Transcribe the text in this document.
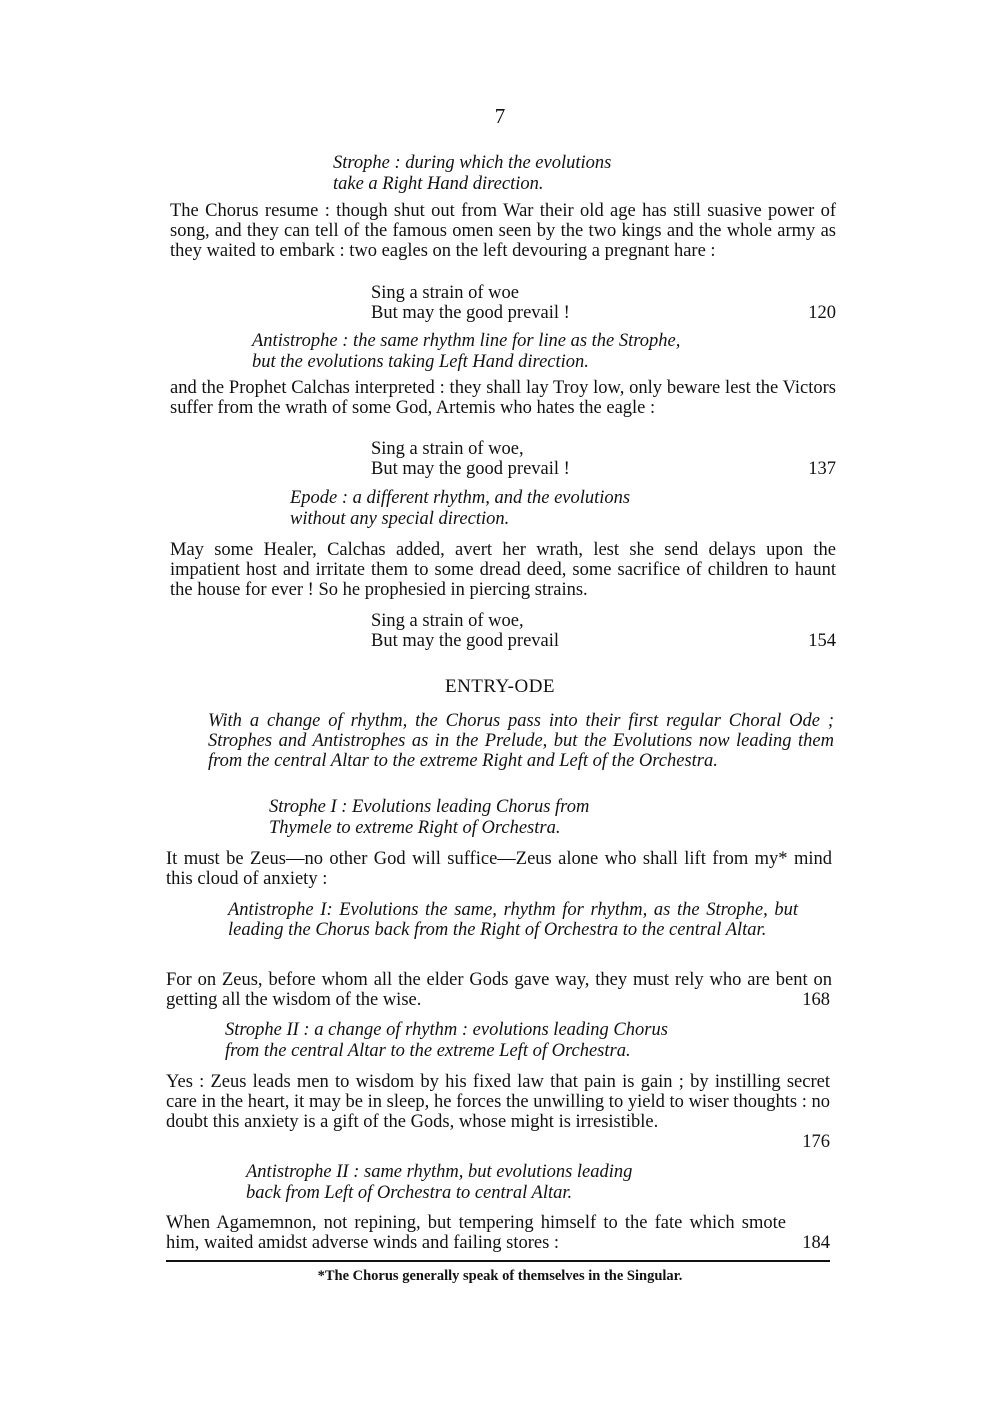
7
Strophe : during which the evolutions
take a Right Hand direction.
The Chorus resume : though shut out from War their old age has still suasive power of song, and they can tell of the famous omen seen by the two kings and the whole army as they waited to embark : two eagles on the left devouring a pregnant hare :
Sing a strain of woe
But may the good prevail !	120
Antistrophe : the same rhythm line for line as the Strophe,
but the evolutions taking Left Hand direction.
and the Prophet Calchas interpreted : they shall lay Troy low, only beware lest the Victors suffer from the wrath of some God, Artemis who hates the eagle :
Sing a strain of woe,
But may the good prevail !	137
Epode : a different rhythm, and the evolutions
without any special direction.
May some Healer, Calchas added, avert her wrath, lest she send delays upon the impatient host and irritate them to some dread deed, some sacrifice of children to haunt the house for ever ! So he prophesied in piercing strains.
Sing a strain of woe,
But may the good prevail	154
ENTRY-ODE
With a change of rhythm, the Chorus pass into their first regular Choral Ode ; Strophes and Antistrophes as in the Prelude, but the Evolutions now leading them from the central Altar to the extreme Right and Left of the Orchestra.
Strophe I : Evolutions leading Chorus from
Thymele to extreme Right of Orchestra.
It must be Zeus—no other God will suffice—Zeus alone who shall lift from my* mind this cloud of anxiety :
Antistrophe I: Evolutions the same, rhythm for rhythm, as the Strophe, but leading the Chorus back from the Right of Orchestra to the central Altar.
For on Zeus, before whom all the elder Gods gave way, they must rely who are bent on getting all the wisdom of the wise.	168
Strophe II : a change of rhythm : evolutions leading Chorus
from the central Altar to the extreme Left of Orchestra.
Yes : Zeus leads men to wisdom by his fixed law that pain is gain ; by instilling secret care in the heart, it may be in sleep, he forces the unwilling to yield to wiser thoughts : no doubt this anxiety is a gift of the Gods, whose might is irresistible.
176
Antistrophe II : same rhythm, but evolutions leading
back from Left of Orchestra to central Altar.
When Agamemnon, not repining, but tempering himself to the fate which smote him, waited amidst adverse winds and failing stores :	184
*The Chorus generally speak of themselves in the Singular.
